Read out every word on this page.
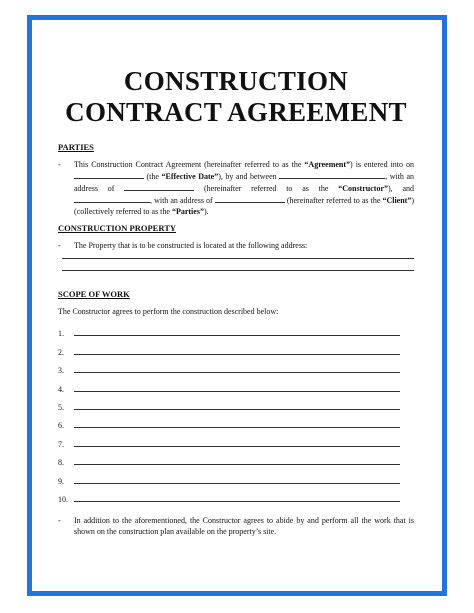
CONSTRUCTION
CONTRACT AGREEMENT
PARTIES
-	This Construction Contract Agreement (hereinafter referred to as the “Agreement”) is entered into on  (the “Effective Date”), by and between	, with an address of	(hereinafter referred to as the “Constructor”), and , with an address of	(hereinafter referred to as the “Client”) (collectively referred to as the “Parties”).
CONSTRUCTION PROPERTY
-	The Property that is to be constructed is located at the following address:
SCOPE OF WORK
The Constructor agrees to perform the construction described below:
1.
2.
3.
4.
5.
6.
7.
8.
9.
10.
-	In addition to the aforementioned, the Constructor agrees to abide by and perform all the work that is shown on the construction plan available on the property’s site.
